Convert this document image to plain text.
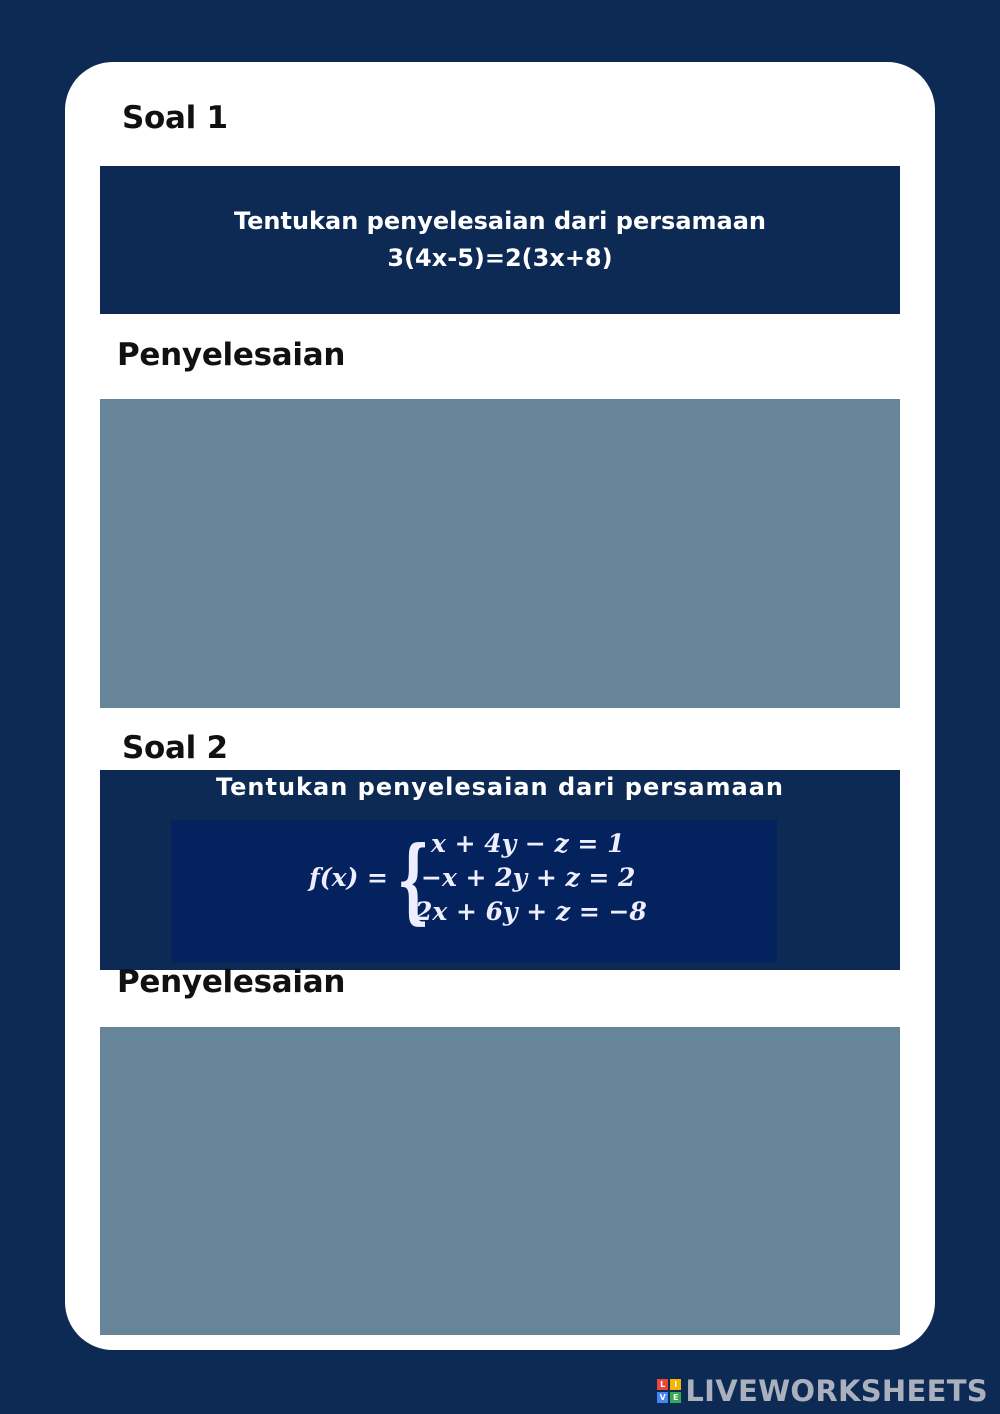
Soal 1
Tentukan penyelesaian dari persamaan
3(4x-5)=2(3x+8)
Penyelesaian
Soal 2
Tentukan penyelesaian dari persamaan
f(x) = { x + 4y − z = 1
−x + 2y + z = 2
2x + 6y + z = −8
Penyelesaian
L	I
V E LIVEWORKSHEETS
